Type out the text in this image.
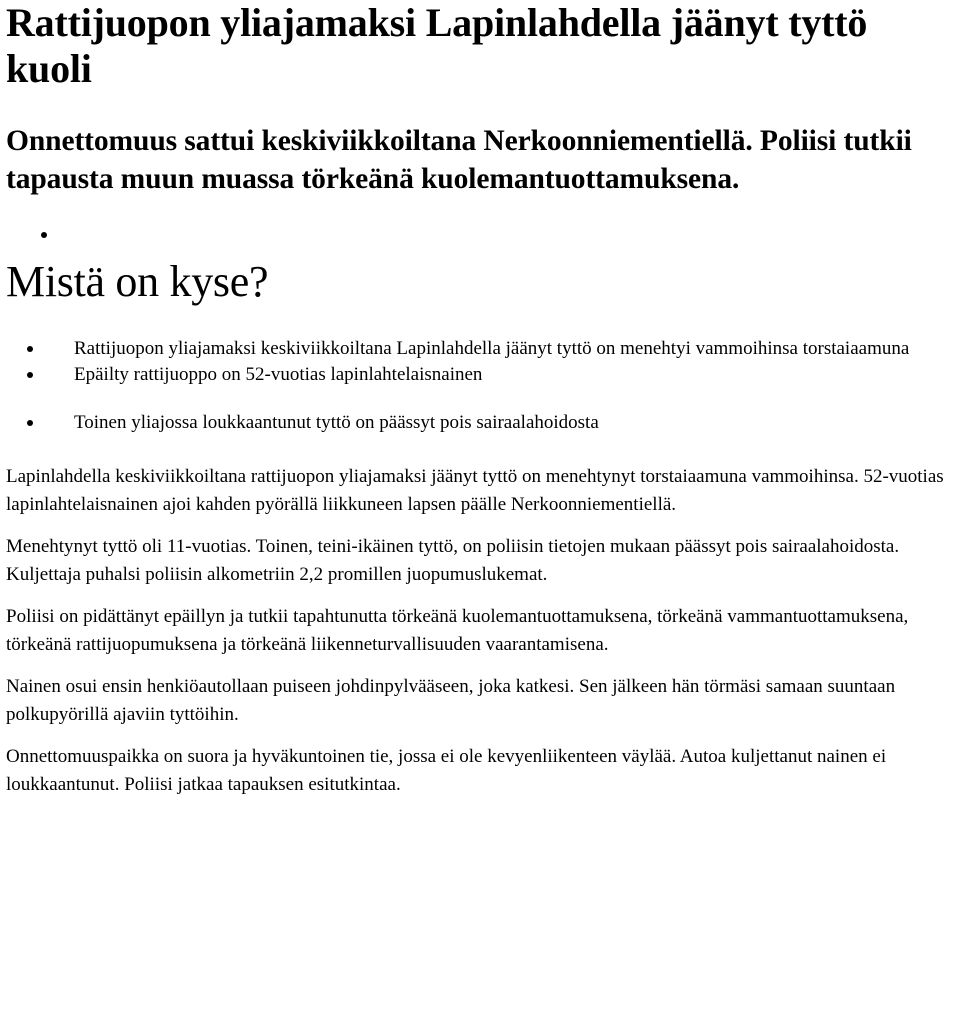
Rattijuopon yliajamaksi Lapinlahdella jäänyt tyttö kuoli
Onnettomuus sattui keskiviikkoiltana Nerkoonniementiellä. Poliisi tutkii tapausta muun muassa törkeänä kuolemantuottamuksena.
Mistä on kyse?
Rattijuopon yliajamaksi keskiviikkoiltana Lapinlahdella jäänyt tyttö on menehtyi vammoihinsa torstaiaamuna
Epäilty rattijuoppo on 52-vuotias lapinlahtelaisnainen
Toinen yliajossa loukkaantunut tyttö on päässyt pois sairaalahoidosta

Lapinlahdella keskiviikkoiltana rattijuopon yliajamaksi jäänyt tyttö on menehtynyt torstaiaamuna vammoihinsa. 52-vuotias lapinlahtelaisnainen ajoi kahden pyörällä liikkuneen lapsen päälle Nerkoonniementiellä.

Menehtynyt tyttö oli 11-vuotias. Toinen, teini-ikäinen tyttö, on poliisin tietojen mukaan päässyt pois sairaalahoidosta. Kuljettaja puhalsi poliisin alkometriin 2,2 promillen juopumuslukemat.

Poliisi on pidättänyt epäillyn ja tutkii tapahtunutta törkeänä kuolemantuottamuksena, törkeänä vammantuottamuksena, törkeänä rattijuopumuksena ja törkeänä liikenneturvallisuuden vaarantamisena.

Nainen osui ensin henkiöautollaan puiseen johdinpylvääseen, joka katkesi. Sen jälkeen hän törmäsi samaan suuntaan polkupyörillä ajaviin tyttöihin.

Onnettomuuspaikka on suora ja hyväkuntoinen tie, jossa ei ole kevyenliikenteen väylää. Autoa kuljettanut nainen ei loukkaantunut. Poliisi jatkaa tapauksen esitutkintaa.
